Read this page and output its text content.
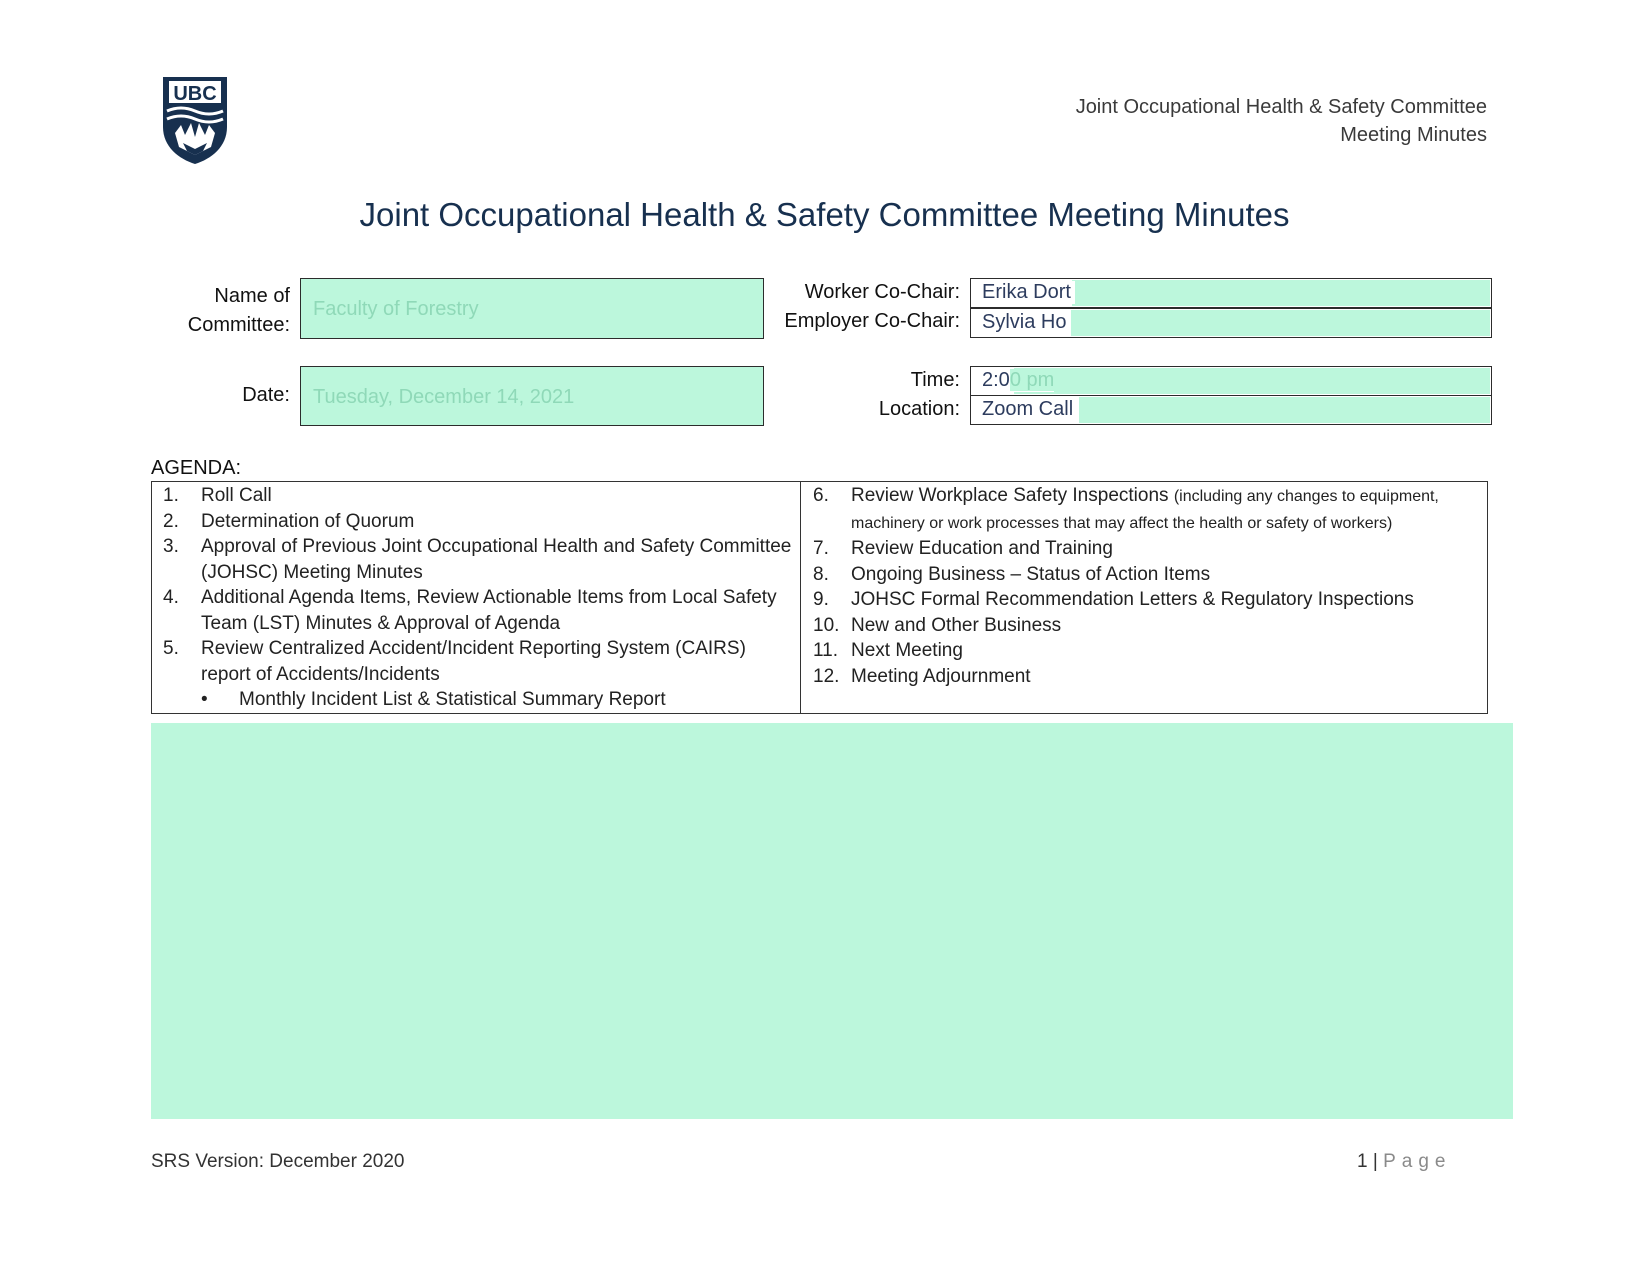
UBC
Joint Occupational Health & Safety Committee
Meeting Minutes
Joint Occupational Health & Safety Committee Meeting Minutes
Name of
Committee:
Faculty of Forestry
Date:	Tuesday, December 14, 2021
Worker Co-Chair: Erika Dort
Employer Co-Chair: Sylvia Ho
Time: 2:00 pm
Location: Zoom Call
AGENDA:
1.	Roll Call
2.	Determination of Quorum
3.	Approval of Previous Joint Occupational Health and Safety Committee
(JOHSC) Meeting Minutes
4.	Additional Agenda Items, Review Actionable Items from Local Safety
Team (LST) Minutes & Approval of Agenda
5.	Review Centralized Accident/Incident Reporting System (CAIRS)
report of Accidents/Incidents
•	Monthly Incident List & Statistical Summary Report
6.	Review Workplace Safety Inspections (including any changes to equipment,
machinery or work processes that may affect the health or safety of workers)
7.	Review Education and Training
8.	Ongoing Business – Status of Action Items
9.	JOHSC Formal Recommendation Letters & Regulatory Inspections
10. New and Other Business
11. Next Meeting
12. Meeting Adjournment
SRS Version: December 2020	1 | Page
